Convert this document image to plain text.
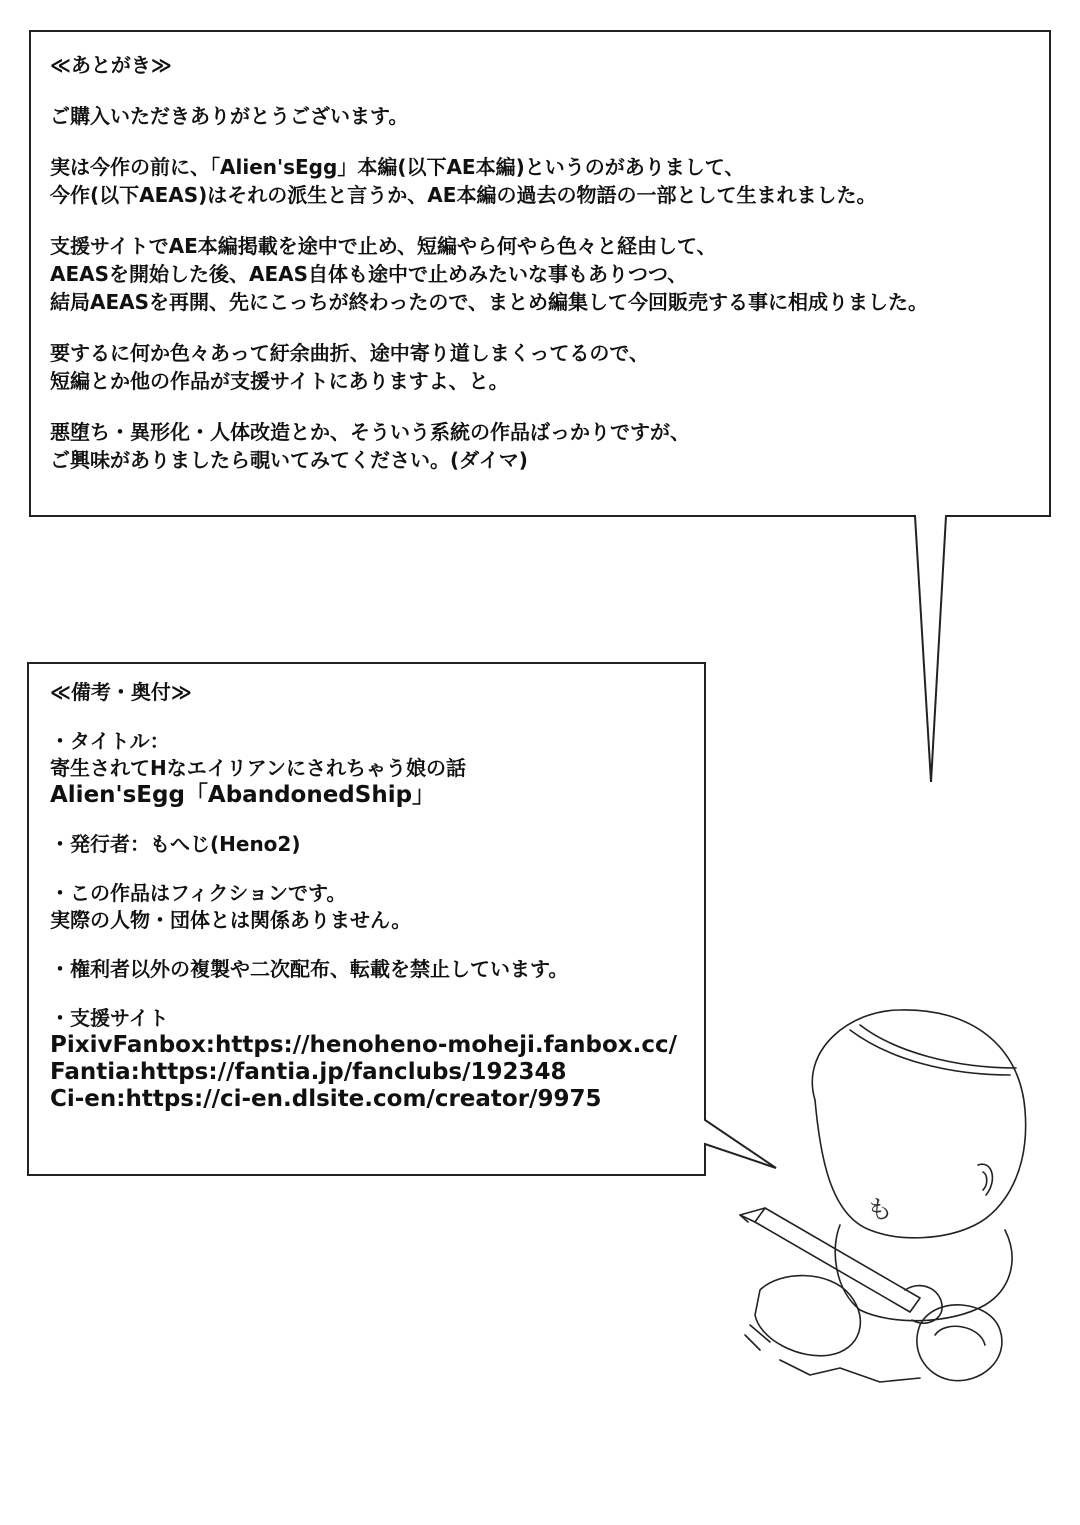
≪あとがき≫
ご購入いただきありがとうございます。
実は今作の前に、「Alien'sEgg」本編(以下AE本編)というのがありまして、
今作(以下AEAS)はそれの派生と言うか、AE本編の過去の物語の一部として生まれました。
支援サイトでAE本編掲載を途中で止め、短編やら何やら色々と経由して、
AEASを開始した後、AEAS自体も途中で止めみたいな事もありつつ、
結局AEASを再開、先にこっちが終わったので、まとめ編集して今回販売する事に相成りました。
要するに何か色々あって紆余曲折、途中寄り道しまくってるので、
短編とか他の作品が支援サイトにありますよ、と。
悪堕ち・異形化・人体改造とか、そういう系統の作品ばっかりですが、
ご興味がありましたら覗いてみてください。(ダイマ)
≪備考・奥付≫
・タイトル：
寄生されてHなエイリアンにされちゃう娘の話
Alien'sEgg「AbandonedShip」
・発行者：もへじ(Heno2)
・この作品はフィクションです。
実際の人物・団体とは関係ありません。
・権利者以外の複製や二次配布、転載を禁止しています。
・支援サイト
PixivFanbox:https://henoheno-moheji.fanbox.cc/
Fantia:https://fantia.jp/fanclubs/192348
Ci-en:https://ci-en.dlsite.com/creator/9975
も
